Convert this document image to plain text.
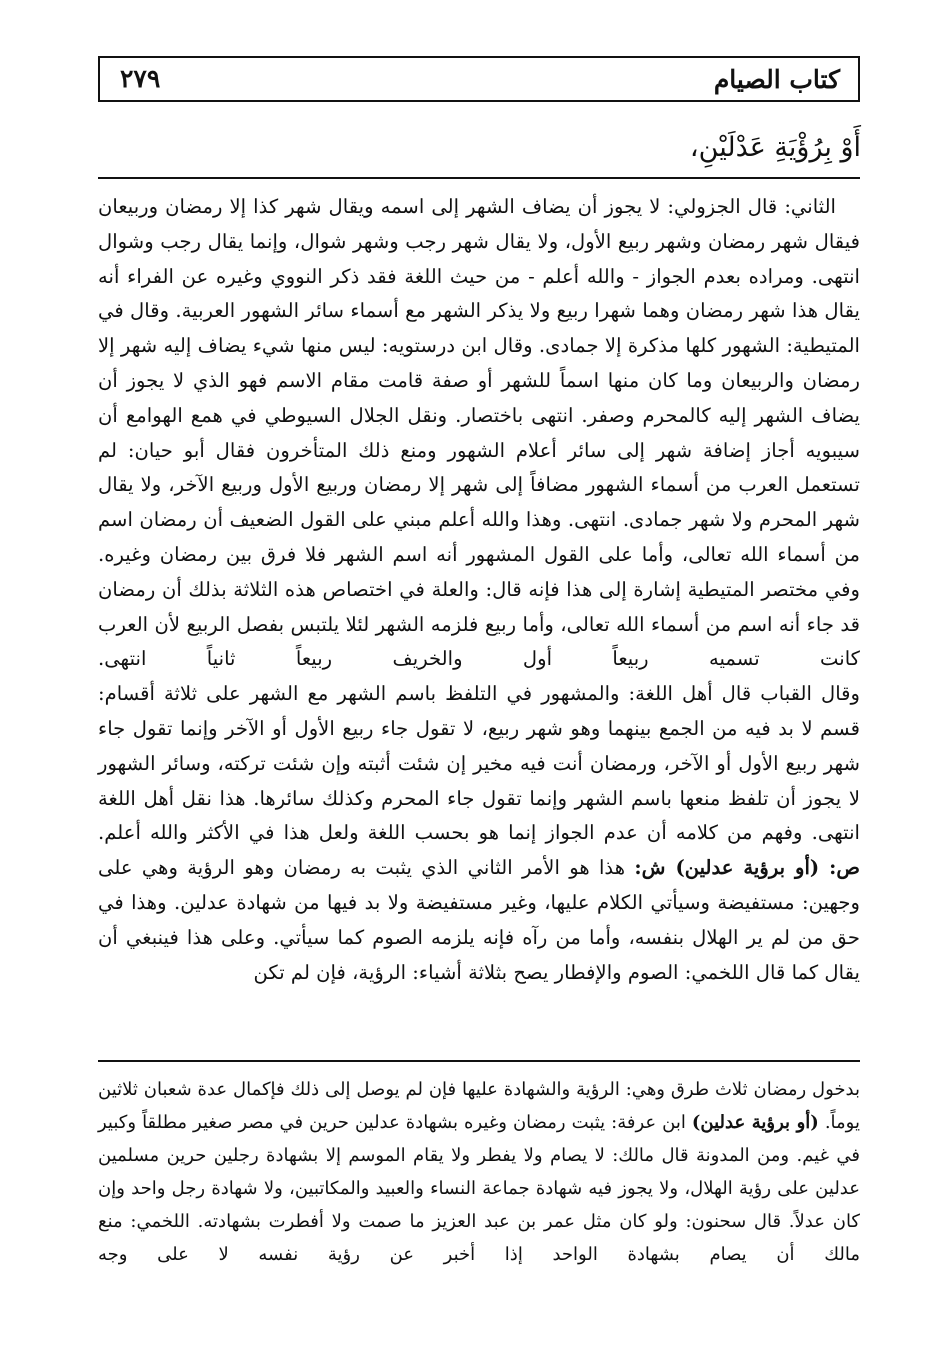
كتاب الصيام
٢٧٩
أَوْ بِرُؤْيَةِ عَدْلَيْنِ،

الثاني: قال الجزولي: لا يجوز أن يضاف الشهر إلى اسمه ويقال شهر كذا إلا رمضان وربيعان فيقال شهر رمضان وشهر ربيع الأول، ولا يقال شهر رجب وشهر شوال، وإنما يقال رجب وشوال انتهى. ومراده بعدم الجواز - والله أعلم - من حيث اللغة فقد ذكر النووي وغيره عن الفراء أنه يقال هذا شهر رمضان وهما شهرا ربيع ولا يذكر الشهر مع أسماء سائر الشهور العربية. وقال في المتيطية: الشهور كلها مذكرة إلا جمادى. وقال ابن درستويه: ليس منها شيء يضاف إليه شهر إلا رمضان والربيعان وما كان منها اسماً للشهر أو صفة قامت مقام الاسم فهو الذي لا يجوز أن يضاف الشهر إليه كالمحرم وصفر. انتهى باختصار. ونقل الجلال السيوطي في همع الهوامع أن سيبويه أجاز إضافة شهر إلى سائر أعلام الشهور ومنع ذلك المتأخرون فقال أبو حيان: لم تستعمل العرب من أسماء الشهور مضافاً إلى شهر إلا رمضان وربيع الأول وربيع الآخر، ولا يقال شهر المحرم ولا شهر جمادى. انتهى. وهذا والله أعلم مبني على القول الضعيف أن رمضان اسم من أسماء الله تعالى، وأما على القول المشهور أنه اسم الشهر فلا فرق بين رمضان وغيره. وفي مختصر المتيطية إشارة إلى هذا فإنه قال: والعلة في اختصاص هذه الثلاثة بذلك أن رمضان قد جاء أنه اسم من أسماء الله تعالى، وأما ربيع فلزمه الشهر لئلا يلتبس بفصل الربيع لأن العرب كانت تسميه ربيعاً أول والخريف ربيعاً ثانياً انتهى.

وقال القباب قال أهل اللغة: والمشهور في التلفظ باسم الشهر مع الشهر على ثلاثة أقسام: قسم لا بد فيه من الجمع بينهما وهو شهر ربيع، لا تقول جاء ربيع الأول أو الآخر وإنما تقول جاء شهر ربيع الأول أو الآخر، ورمضان أنت فيه مخير إن شئت أثبته وإن شئت تركته، وسائر الشهور لا يجوز أن تلفظ منعها باسم الشهر وإنما تقول جاء المحرم وكذلك سائرها. هذا نقل أهل اللغة انتهى. وفهم من كلامه أن عدم الجواز إنما هو بحسب اللغة ولعل هذا في الأكثر والله أعلم.

ص: (أو برؤية عدلين) ش: هذا هو الأمر الثاني الذي يثبت به رمضان وهو الرؤية وهي على وجهين: مستفيضة وسيأتي الكلام عليها، وغير مستفيضة ولا بد فيها من شهادة عدلين. وهذا في حق من لم ير الهلال بنفسه، وأما من رآه فإنه يلزمه الصوم كما سيأتي. وعلى هذا فينبغي أن يقال كما قال اللخمي: الصوم والإفطار يصح بثلاثة أشياء: الرؤية، فإن لم تكن

بدخول رمضان ثلاث طرق وهي: الرؤية والشهادة عليها فإن لم يوصل إلى ذلك فإكمال عدة شعبان ثلاثين يوماً. (أو برؤية عدلين) ابن عرفة: يثبت رمضان وغيره بشهادة عدلين حرين في مصر صغير مطلقاً وكبير في غيم. ومن المدونة قال مالك: لا يصام ولا يفطر ولا يقام الموسم إلا بشهادة رجلين حرين مسلمين عدلين على رؤية الهلال، ولا يجوز فيه شهادة جماعة النساء والعبيد والمكاتبين، ولا شهادة رجل واحد وإن كان عدلاً. قال سحنون: ولو كان مثل عمر بن عبد العزيز ما صمت ولا أفطرت بشهادته. اللخمي: منع مالك أن يصام بشهادة الواحد إذا أخبر عن رؤية نفسه لا على وجه
